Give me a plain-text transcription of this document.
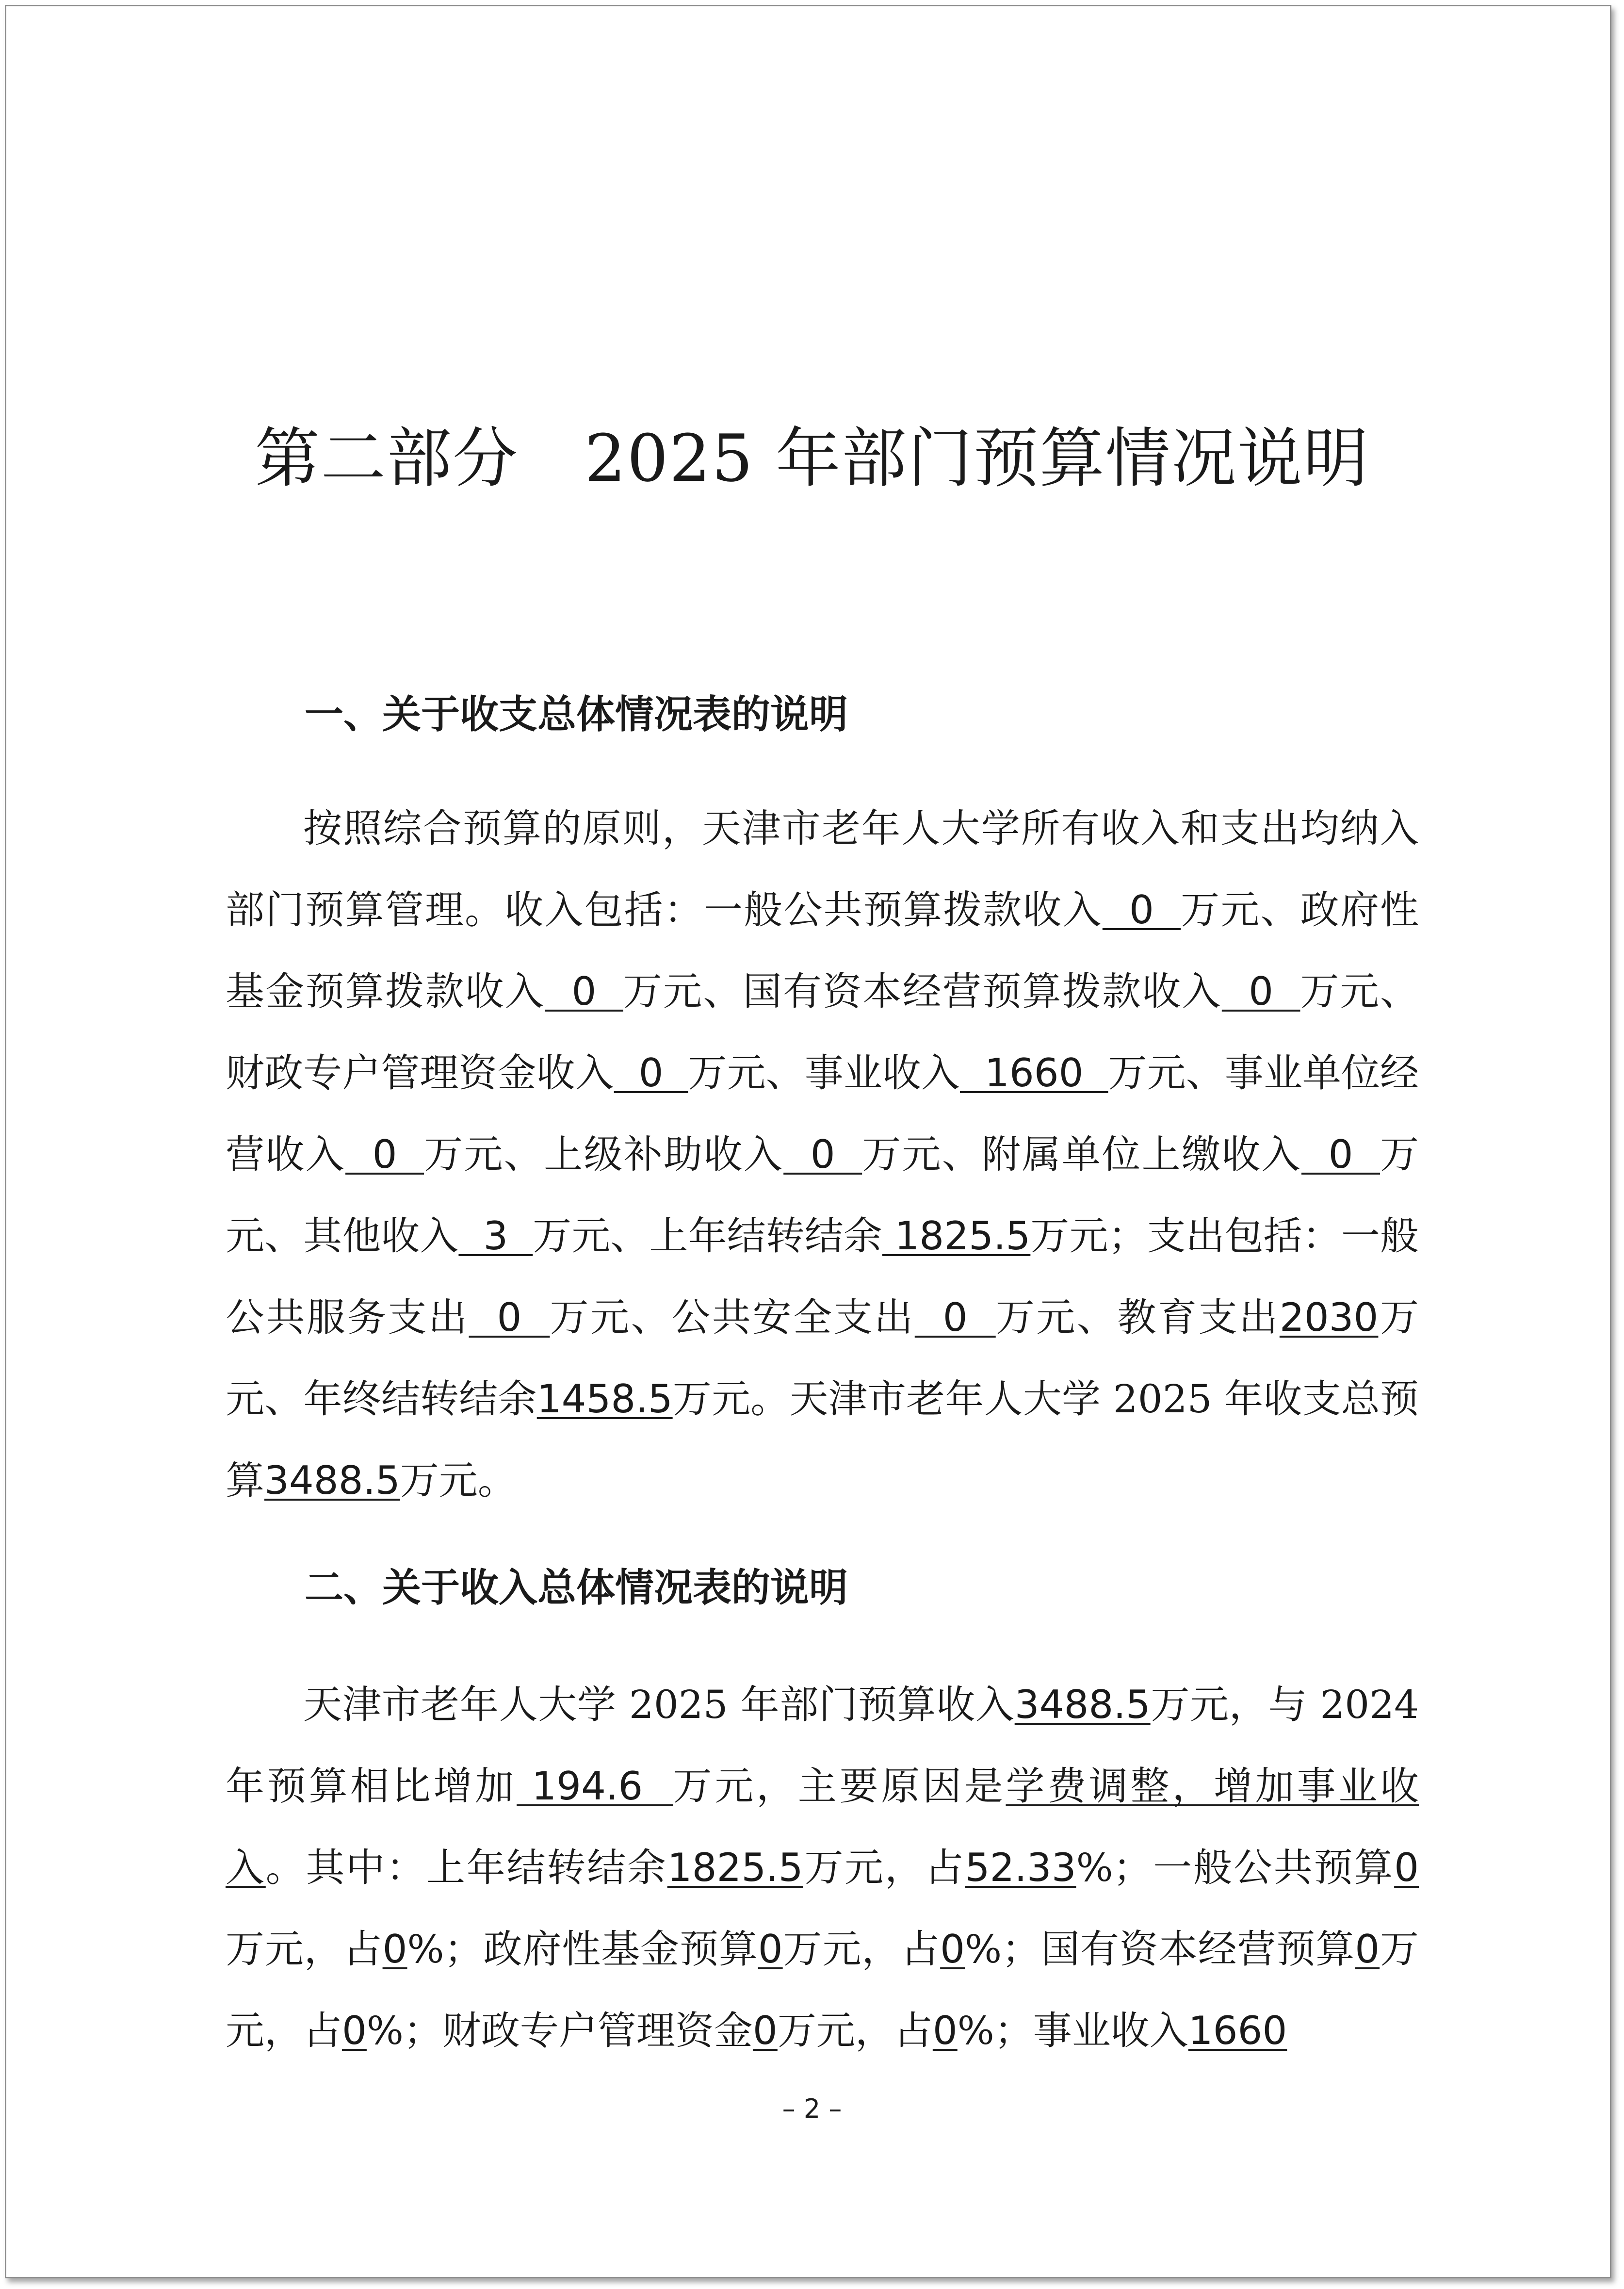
第二部分　2025 年部门预算情况说明
一、关于收支总体情况表的说明
按照综合预算的原则，天津市老年人大学所有收入和支出均纳入部门预算管理。收入包括：一般公共预算拨款收入  0  万元、政府性基金预算拨款收入  0  万元、国有资本经营预算拨款收入  0  万元、财政专户管理资金收入  0  万元、事业收入  1660  万元、事业单位经营收入  0  万元、上级补助收入  0  万元、附属单位上缴收入  0  万元、其他收入  3  万元、上年结转结余 1825.5万元；支出包括：一般公共服务支出  0  万元、公共安全支出  0  万元、教育支出2030万元、年终结转结余1458.5万元。天津市老年人大学 2025 年收支总预算3488.5万元。
二、关于收入总体情况表的说明
天津市老年人大学 2025 年部门预算收入3488.5万元，与 2024 年预算相比增加 194.6  万元，主要原因是学费调整，增加事业收入。其中：上年结转结余1825.5万元，占52.33%；一般公共预算0万元，占0%；政府性基金预算0万元，占0%；国有资本经营预算0万元，占0%；财政专户管理资金0万元，占0%；事业收入1660
– 2 –
